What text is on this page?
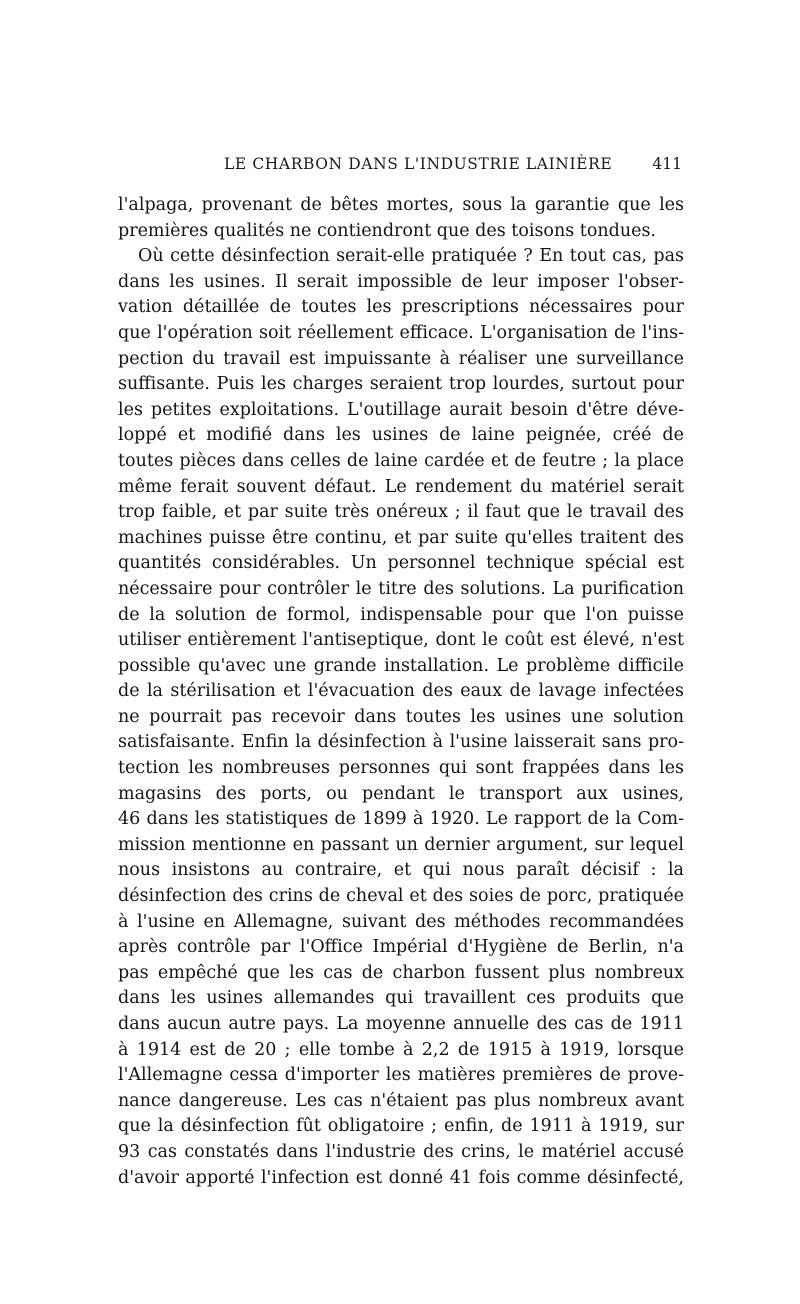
LE CHARBON DANS L'INDUSTRIE LAINIÈRE	411
l'alpaga, provenant de bêtes mortes, sous la garantie que les
premières qualités ne contiendront que des toisons tondues.
Où cette désinfection serait-elle pratiquée ? En tout cas, pas
dans les usines. Il serait impossible de leur imposer l'obser-
vation détaillée de toutes les prescriptions nécessaires pour
que l'opération soit réellement efficace. L'organisation de l'ins-
pection du travail est impuissante à réaliser une surveillance
suffisante. Puis les charges seraient trop lourdes, surtout pour
les petites exploitations. L'outillage aurait besoin d'être déve-
loppé et modifié dans les usines de laine peignée, créé de
toutes pièces dans celles de laine cardée et de feutre ; la place
même ferait souvent défaut. Le rendement du matériel serait
trop faible, et par suite très onéreux ; il faut que le travail des
machines puisse être continu, et par suite qu'elles traitent des
quantités considérables. Un personnel technique spécial est
nécessaire pour contrôler le titre des solutions. La purification
de la solution de formol, indispensable pour que l'on puisse
utiliser entièrement l'antiseptique, dont le coût est élevé, n'est
possible qu'avec une grande installation. Le problème difficile
de la stérilisation et l'évacuation des eaux de lavage infectées
ne pourrait pas recevoir dans toutes les usines une solution
satisfaisante. Enfin la désinfection à l'usine laisserait sans pro-
tection les nombreuses personnes qui sont frappées dans les
magasins des ports, ou pendant le transport aux usines,
46 dans les statistiques de 1899 à 1920. Le rapport de la Com-
mission mentionne en passant un dernier argument, sur lequel
nous insistons au contraire, et qui nous paraît décisif : la
désinfection des crins de cheval et des soies de porc, pratiquée
à l'usine en Allemagne, suivant des méthodes recommandées
après contrôle par l'Office Impérial d'Hygiène de Berlin, n'a
pas empêché que les cas de charbon fussent plus nombreux
dans les usines allemandes qui travaillent ces produits que
dans aucun autre pays. La moyenne annuelle des cas de 1911
à 1914 est de 20 ; elle tombe à 2,2 de 1915 à 1919, lorsque
l'Allemagne cessa d'importer les matières premières de prove-
nance dangereuse. Les cas n'étaient pas plus nombreux avant
que la désinfection fût obligatoire ; enfin, de 1911 à 1919, sur
93 cas constatés dans l'industrie des crins, le matériel accusé
d'avoir apporté l'infection est donné 41 fois comme désinfecté,
